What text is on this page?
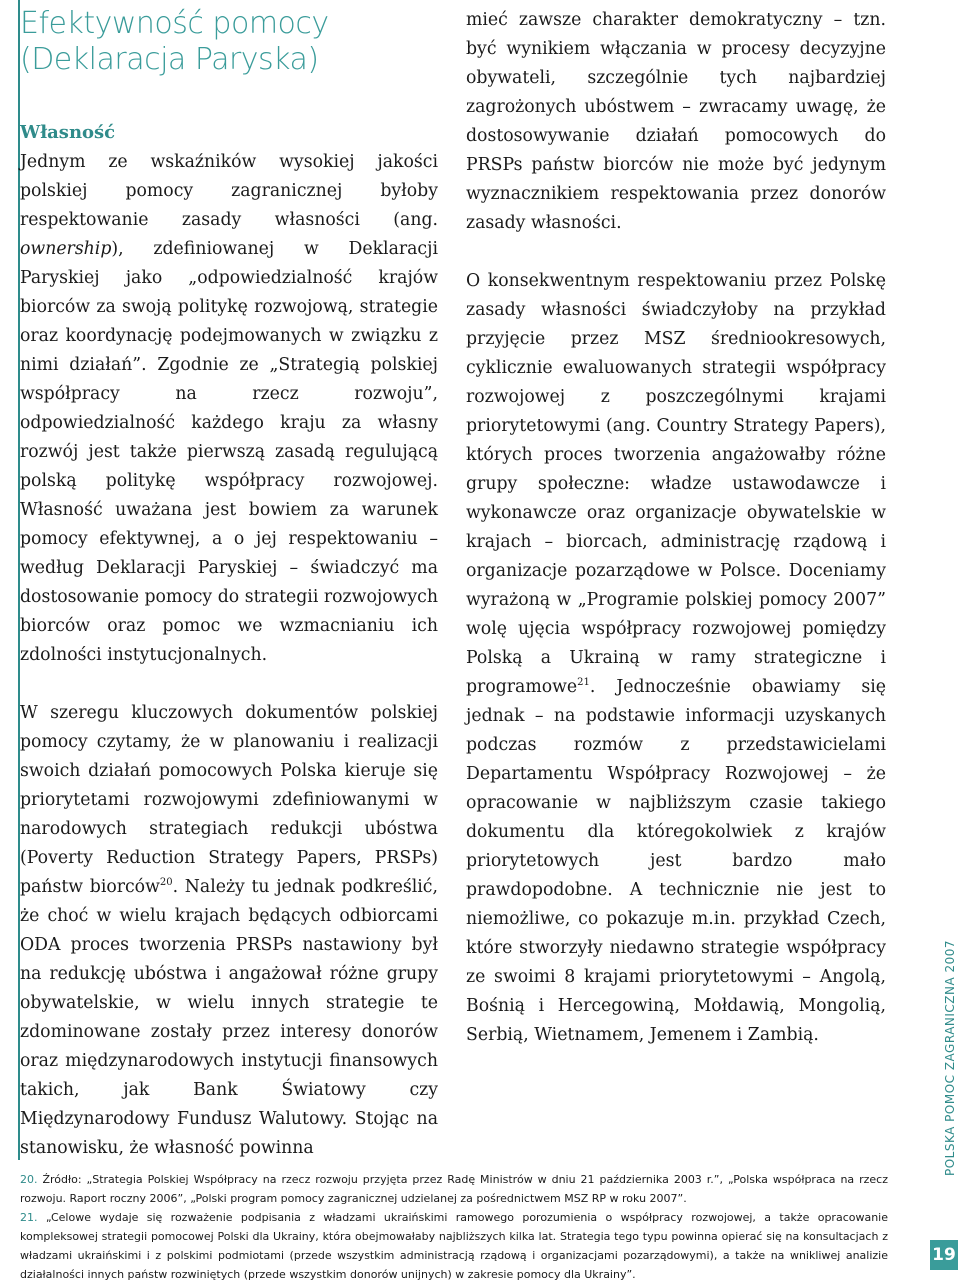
Efektywność pomocy
(Deklaracja Paryska)
Własność

Jednym ze wskaźników wysokiej jakości polskiej pomocy zagranicznej byłoby respektowanie zasady własności (ang. ownership), zdefiniowanej w Deklaracji Paryskiej jako „odpowiedzialność krajów biorców za swoją politykę rozwojową, strategie oraz koordynację podejmowanych w związku z nimi działań”. Zgodnie ze „Strategią polskiej współpracy na rzecz rozwoju”, odpowiedzialność każdego kraju za własny rozwój jest także pierwszą zasadą regulującą polską politykę współpracy rozwojowej. Własność uważana jest bowiem za warunek pomocy efektywnej, a o jej respektowaniu – według Deklaracji Paryskiej – świadczyć ma dostosowanie pomocy do strategii rozwojowych biorców oraz pomoc we wzmacnianiu ich zdolności instytucjonalnych.

W szeregu kluczowych dokumentów polskiej pomocy czytamy, że w planowaniu i realizacji swoich działań pomocowych Polska kieruje się priorytetami rozwojowymi zdefiniowanymi w narodowych strategiach redukcji ubóstwa (Poverty Reduction Strategy Papers, PRSPs) państw biorców$^{20}$. Należy tu jednak podkreślić, że choć w wielu krajach będących odbiorcami ODA proces tworzenia PRSPs nastawiony był na redukcję ubóstwa i angażował różne grupy obywatelskie, w wielu innych strategie te zdominowane zostały przez interesy donorów oraz międzynarodowych instytucji finansowych takich, jak Bank Światowy czy Międzynarodowy Fundusz Walutowy. Stojąc na stanowisku, że własność powinna

mieć zawsze charakter demokratyczny – tzn. być wynikiem włączania w procesy decyzyjne obywateli, szczególnie tych najbardziej zagrożonych ubóstwem – zwracamy uwagę, że dostosowywanie działań pomocowych do PRSPs państw biorców nie może być jedynym wyznacznikiem respektowania przez donorów zasady własności.

O konsekwentnym respektowaniu przez Polskę zasady własności świadczyłoby na przykład przyjęcie przez MSZ średniookresowych, cyklicznie ewaluowanych strategii współpracy rozwojowej z poszczególnymi krajami priorytetowymi (ang. Country Strategy Papers), których proces tworzenia angażowałby różne grupy społeczne: władze ustawodawcze i wykonawcze oraz organizacje obywatelskie w krajach – biorcach, administrację rządową i organizacje pozarządowe w Polsce. Doceniamy wyrażoną w „Programie polskiej pomocy 2007” wolę ujęcia współpracy rozwojowej pomiędzy Polską a Ukrainą w ramy strategiczne i programowe$^{21}$. Jednocześnie obawiamy się jednak – na podstawie informacji uzyskanych podczas rozmów z przedstawicielami Departamentu Współpracy Rozwojowej – że opracowanie w najbliższym czasie takiego dokumentu dla któregokolwiek z krajów priorytetowych jest bardzo mało prawdopodobne. A technicznie nie jest to niemożliwe, co pokazuje m.in. przykład Czech, które stworzyły niedawno strategie współpracy ze swoimi 8 krajami priorytetowymi – Angolą, Bośnią i Hercegowiną, Mołdawią, Mongolią, Serbią, Wietnamem, Jemenem i Zambią.

20. Źródło: „Strategia Polskiej Współpracy na rzecz rozwoju przyjęta przez Radę Ministrów w dniu 21 października 2003 r.”, „Polska współpraca na rzecz rozwoju. Raport roczny 2006”, „Polski program pomocy zagranicznej udzielanej za pośrednictwem MSZ RP w roku 2007”.
21. „Celowe wydaje się rozważenie podpisania z władzami ukraińskimi ramowego porozumienia o współpracy rozwojowej, a także opracowanie kompleksowej strategii pomocowej Polski dla Ukrainy, która obejmowałaby najbliższych kilka lat. Strategia tego typu powinna opierać się na konsultacjach z władzami ukraińskimi i z polskimi podmiotami (przede wszystkim administracją rządową i organizacjami pozarządowymi), a także na wnikliwej analizie działalności innych państw rozwiniętych (przede wszystkim donorów unijnych) w zakresie pomocy dla Ukrainy”.
POLSKA POMOC ZAGRANICZNA 2007
19
